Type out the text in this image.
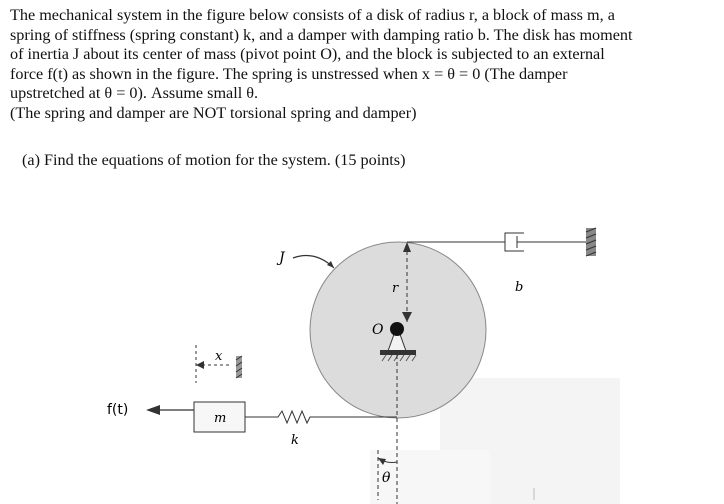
The mechanical system in the figure below consists of a disk of radius r, a block of mass m, a

spring of stiffness (spring constant) k, and a damper with damping ratio b. The disk has moment

of inertia J about its center of mass (pivot point O), and the block is subjected to an external

force f(t) as shown in the figure. The spring is unstressed when x = θ = 0 (The damper

upstretched at θ = 0). Assume small θ.

(The spring and damper are NOT torsional spring and damper)

(a) Find the equations of motion for the system. (15 points)
J
r
O
θ
b
m
f(t)
k
x
